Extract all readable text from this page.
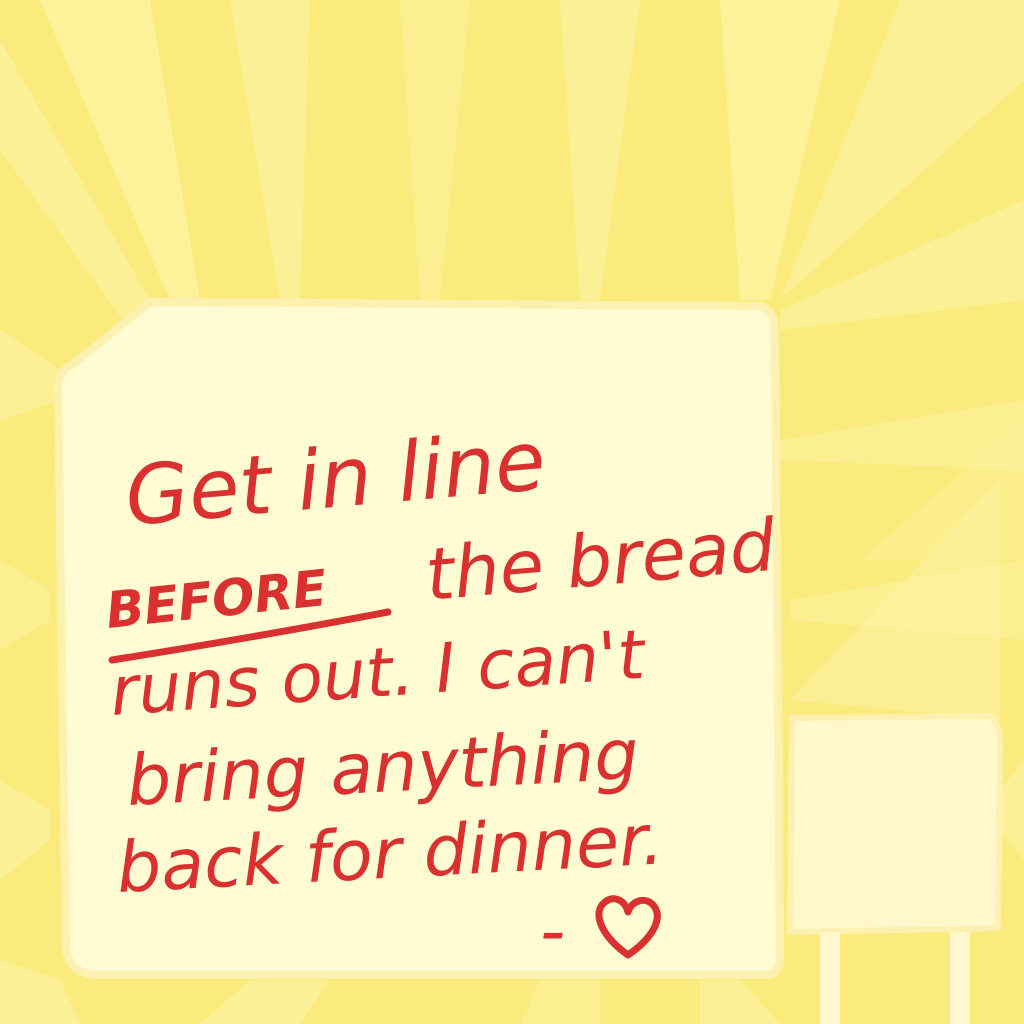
Get in line
BEFORE the bread
runs out. I can't
bring anything
back for dinner.
-
